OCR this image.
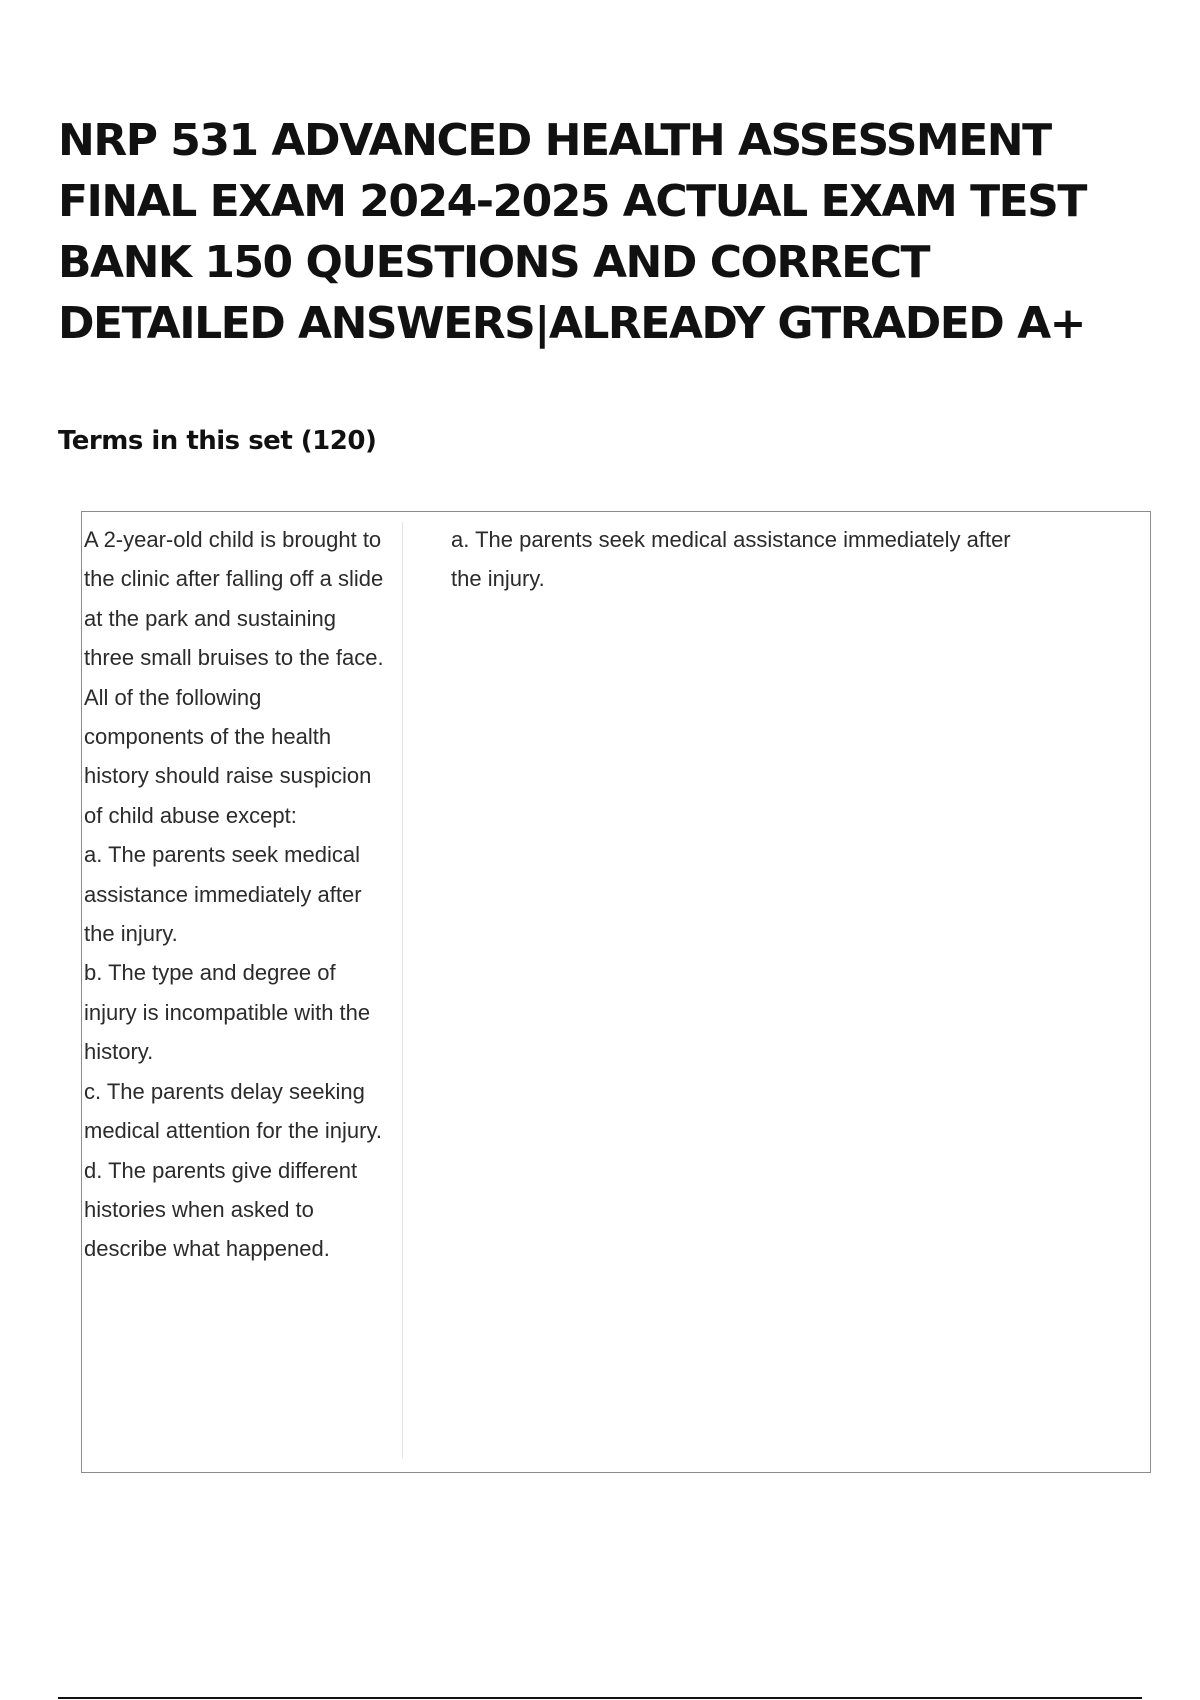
NRP 531 ADVANCED HEALTH ASSESSMENT FINAL EXAM 2024-2025 ACTUAL EXAM TEST BANK 150 QUESTIONS AND CORRECT DETAILED ANSWERS|ALREADY GTRADED A+
Terms in this set (120)

A 2-year-old child is brought to the clinic after falling off a slide at the park and sustaining three small bruises to the face. All of the following components of the health history should raise suspicion of child abuse except:

a. The parents seek medical assistance immediately after the injury.

b. The type and degree of injury is incompatible with the history.

c. The parents delay seeking medical attention for the injury.

d. The parents give different histories when asked to describe what happened.

a. The parents seek medical assistance immediately after the injury.
